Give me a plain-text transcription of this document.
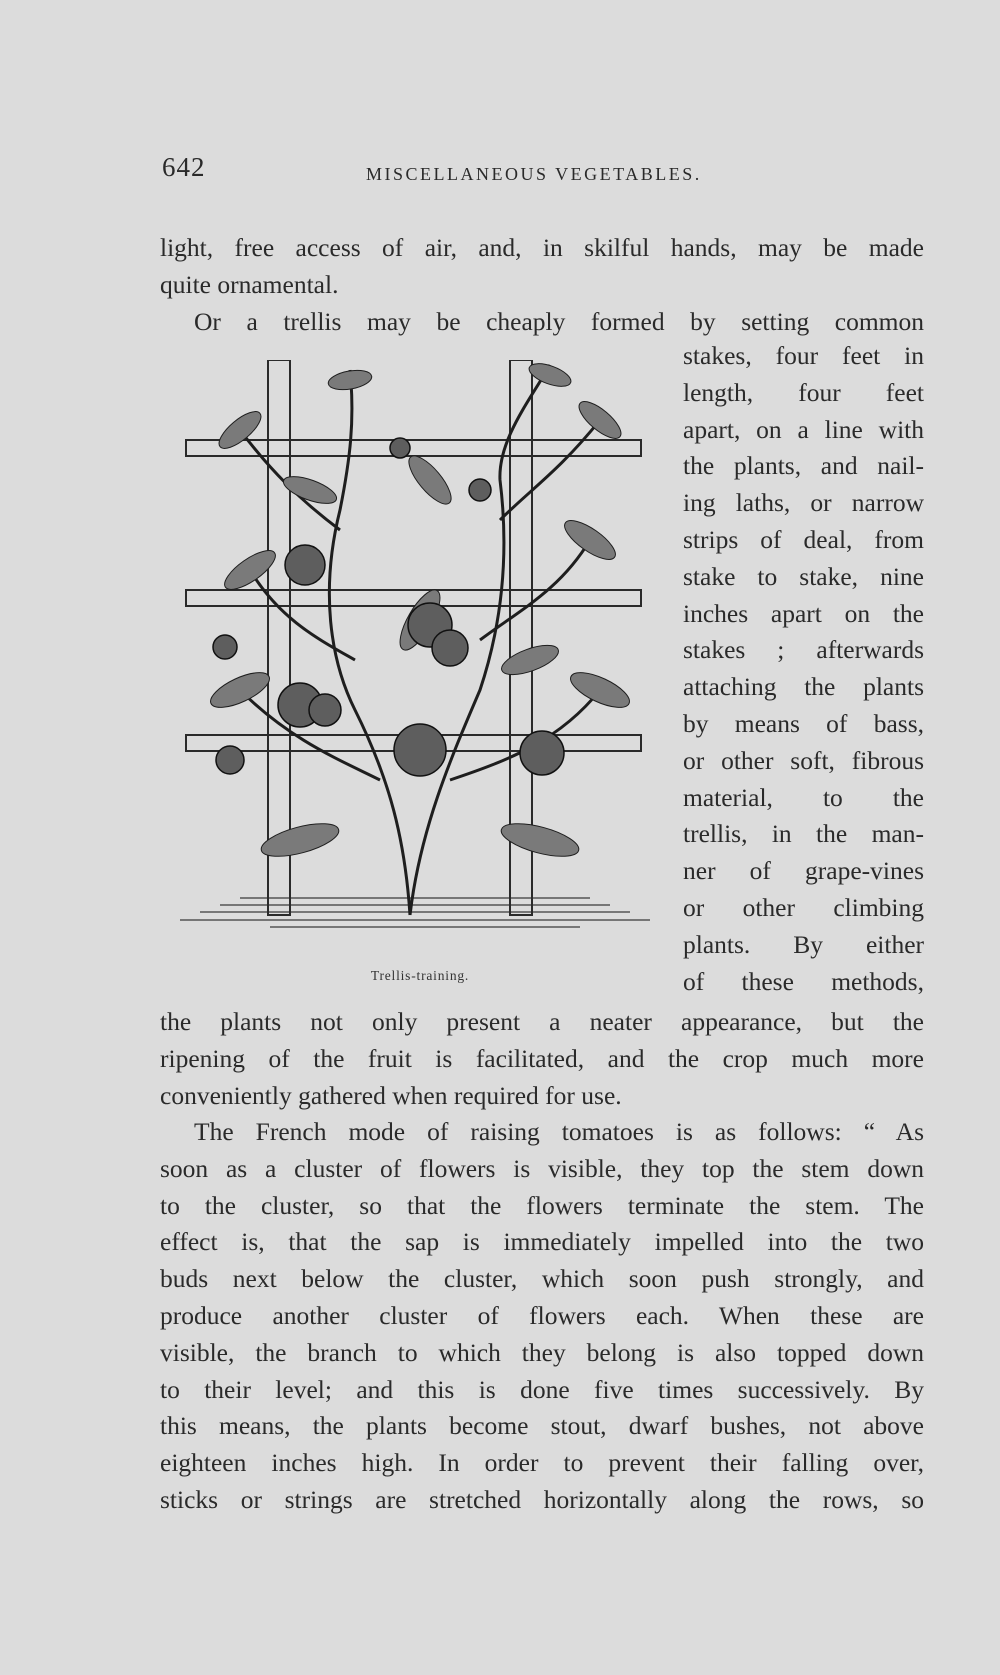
642	MISCELLANEOUS VEGETABLES.
light, free access of air, and, in skilful hands, may be made
quite ornamental.
Or a trellis may be cheaply formed by setting common
Trellis-training.
stakes, four feet in
length, four feet
apart, on a line with
the plants, and nail-
ing laths, or narrow
strips of deal, from
stake to stake, nine
inches apart on the
stakes ; afterwards
attaching the plants
by means of bass,
or other soft, fibrous
material, to the
trellis, in the man-
ner of grape-vines
or other climbing
plants. By either
of these methods,
the plants not only present a neater appearance, but the
ripening of the fruit is facilitated, and the crop much more
conveniently gathered when required for use.
The French mode of raising tomatoes is as follows: “ As
soon as a cluster of flowers is visible, they top the stem down
to the cluster, so that the flowers terminate the stem. The
effect is, that the sap is immediately impelled into the two
buds next below the cluster, which soon push strongly, and
produce another cluster of flowers each. When these are
visible, the branch to which they belong is also topped down
to their level; and this is done five times successively. By
this means, the plants become stout, dwarf bushes, not above
eighteen inches high. In order to prevent their falling over,
sticks or strings are stretched horizontally along the rows, so
